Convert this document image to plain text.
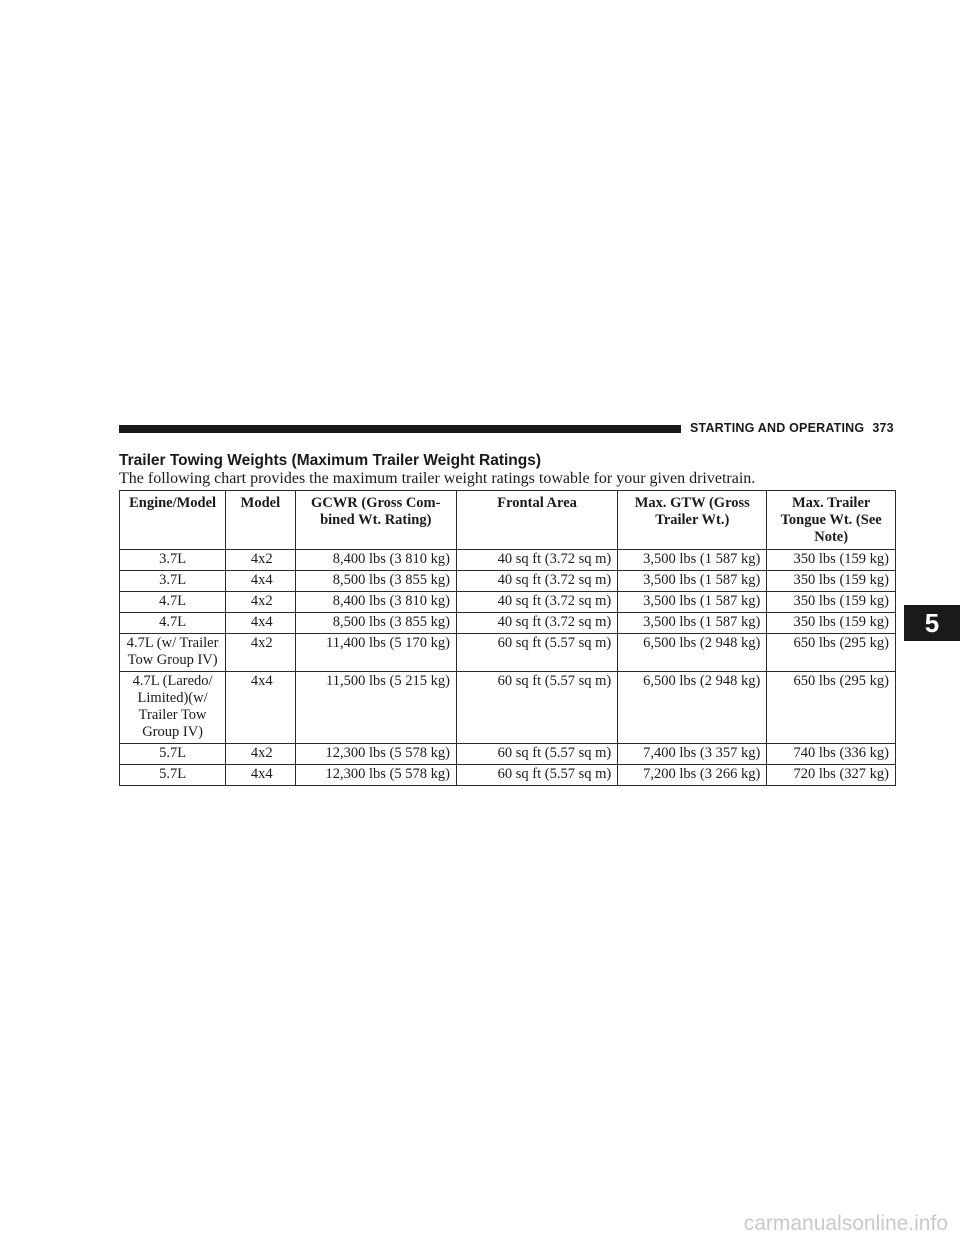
STARTING AND OPERATING 373
Trailer Towing Weights (Maximum Trailer Weight Ratings)
The following chart provides the maximum trailer weight ratings towable for your given drivetrain.
Engine/Model	Model	GCWR (Gross Com- bined Wt. Rating)	Frontal Area	Max. GTW (Gross Trailer Wt.)	Max. Trailer Tongue Wt. (See Note)
3.7L	4x2	8,400 lbs (3 810 kg)	40 sq ft (3.72 sq m)	3,500 lbs (1 587 kg)	350 lbs (159 kg)
3.7L	4x4	8,500 lbs (3 855 kg)	40 sq ft (3.72 sq m)	3,500 lbs (1 587 kg)	350 lbs (159 kg)
4.7L	4x2	8,400 lbs (3 810 kg)	40 sq ft (3.72 sq m)	3,500 lbs (1 587 kg)	350 lbs (159 kg)
4.7L	4x4	8,500 lbs (3 855 kg)	40 sq ft (3.72 sq m)	3,500 lbs (1 587 kg)	350 lbs (159 kg)
4.7L (w/ Trailer Tow Group IV)	4x2	11,400 lbs (5 170 kg)	60 sq ft (5.57 sq m)	6,500 lbs (2 948 kg)	650 lbs (295 kg)
4.7L (Laredo/ Limited)(w/ Trailer Tow Group IV)	4x4	11,500 lbs (5 215 kg)	60 sq ft (5.57 sq m)	6,500 lbs (2 948 kg)	650 lbs (295 kg)
5.7L	4x2	12,300 lbs (5 578 kg)	60 sq ft (5.57 sq m)	7,400 lbs (3 357 kg)	740 lbs (336 kg)
5.7L	4x4	12,300 lbs (5 578 kg)	60 sq ft (5.57 sq m)	7,200 lbs (3 266 kg)	720 lbs (327 kg)
5
carmanualsonline.info
